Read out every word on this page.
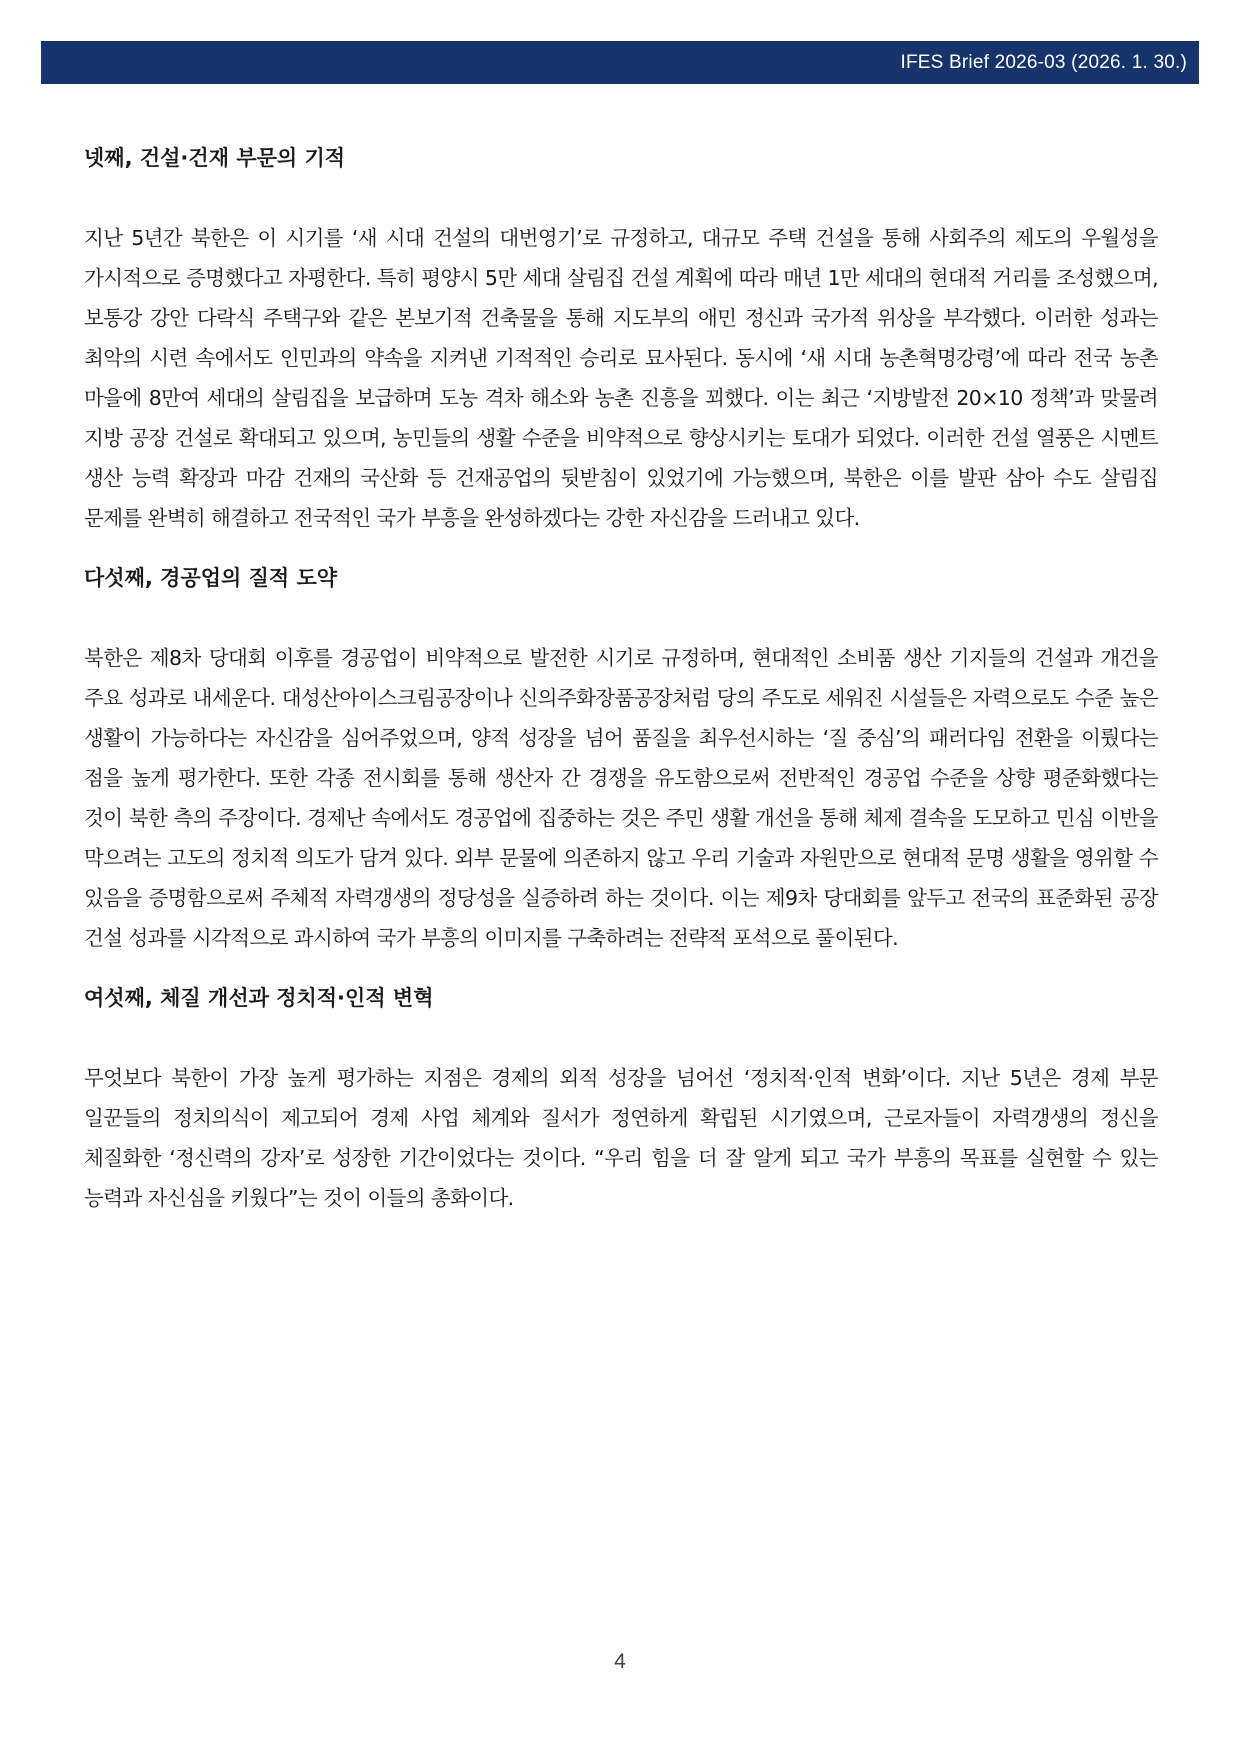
IFES Brief 2026-03 (2026. 1. 30.)
넷째, 건설·건재 부문의 기적

지난 5년간 북한은 이 시기를 ‘새 시대 건설의 대번영기’로 규정하고, 대규모 주택 건설을 통해 사회주의 제도의 우월성을 가시적으로 증명했다고 자평한다. 특히 평양시 5만 세대 살림집 건설 계획에 따라 매년 1만 세대의 현대적 거리를 조성했으며, 보통강 강안 다락식 주택구와 같은 본보기적 건축물을 통해 지도부의 애민 정신과 국가적 위상을 부각했다. 이러한 성과는 최악의 시련 속에서도 인민과의 약속을 지켜낸 기적적인 승리로 묘사된다. 동시에 ‘새 시대 농촌혁명강령’에 따라 전국 농촌 마을에 8만여 세대의 살림집을 보급하며 도농 격차 해소와 농촌 진흥을 꾀했다. 이는 최근 ‘지방발전 20×10 정책’과 맞물려 지방 공장 건설로 확대되고 있으며, 농민들의 생활 수준을 비약적으로 향상시키는 토대가 되었다. 이러한 건설 열풍은 시멘트 생산 능력 확장과 마감 건재의 국산화 등 건재공업의 뒷받침이 있었기에 가능했으며, 북한은 이를 발판 삼아 수도 살림집 문제를 완벽히 해결하고 전국적인 국가 부흥을 완성하겠다는 강한 자신감을 드러내고 있다.

다섯째, 경공업의 질적 도약

북한은 제8차 당대회 이후를 경공업이 비약적으로 발전한 시기로 규정하며, 현대적인 소비품 생산 기지들의 건설과 개건을 주요 성과로 내세운다. 대성산아이스크림공장이나 신의주화장품공장처럼 당의 주도로 세워진 시설들은 자력으로도 수준 높은 생활이 가능하다는 자신감을 심어주었으며, 양적 성장을 넘어 품질을 최우선시하는 ‘질 중심’의 패러다임 전환을 이뤘다는 점을 높게 평가한다. 또한 각종 전시회를 통해 생산자 간 경쟁을 유도함으로써 전반적인 경공업 수준을 상향 평준화했다는 것이 북한 측의 주장이다. 경제난 속에서도 경공업에 집중하는 것은 주민 생활 개선을 통해 체제 결속을 도모하고 민심 이반을 막으려는 고도의 정치적 의도가 담겨 있다. 외부 문물에 의존하지 않고 우리 기술과 자원만으로 현대적 문명 생활을 영위할 수 있음을 증명함으로써 주체적 자력갱생의 정당성을 실증하려 하는 것이다. 이는 제9차 당대회를 앞두고 전국의 표준화된 공장 건설 성과를 시각적으로 과시하여 국가 부흥의 이미지를 구축하려는 전략적 포석으로 풀이된다.

여섯째, 체질 개선과 정치적·인적 변혁

무엇보다 북한이 가장 높게 평가하는 지점은 경제의 외적 성장을 넘어선 ‘정치적·인적 변화’이다. 지난 5년은 경제 부문 일꾼들의 정치의식이 제고되어 경제 사업 체계와 질서가 정연하게 확립된 시기였으며, 근로자들이 자력갱생의 정신을 체질화한 ‘정신력의 강자’로 성장한 기간이었다는 것이다. “우리 힘을 더 잘 알게 되고 국가 부흥의 목표를 실현할 수 있는 능력과 자신심을 키웠다”는 것이 이들의 총화이다.

4
